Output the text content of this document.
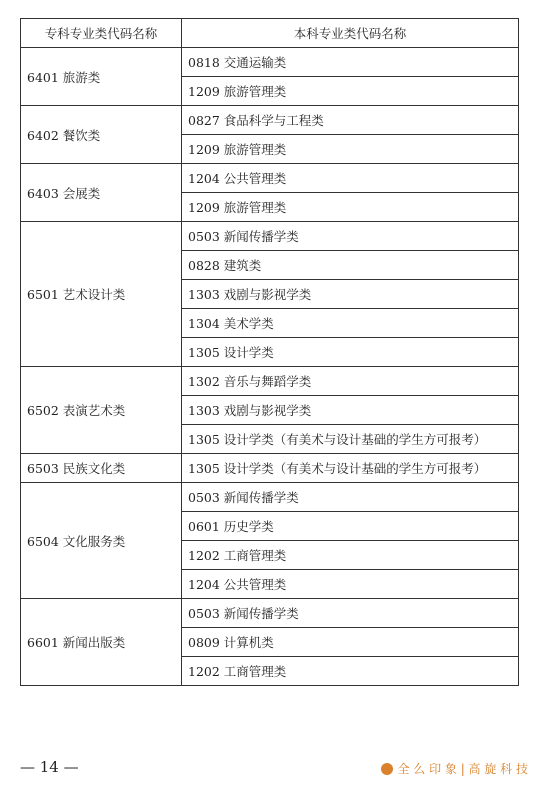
专科专业类代码名称	本科专业类代码名称
6401 旅游类	0818 交通运输类
	1209 旅游管理类
6402 餐饮类	0827 食品科学与工程类
	1209 旅游管理类
6403 会展类	1204 公共管理类
	1209 旅游管理类
6501 艺术设计类	0503 新闻传播学类
	0828 建筑类
	1303 戏剧与影视学类
	1304 美术学类
	1305 设计学类
6502 表演艺术类	1302 音乐与舞蹈学类
	1303 戏剧与影视学类
	1305 设计学类（有美术与设计基础的学生方可报考）
6503 民族文化类	1305 设计学类（有美术与设计基础的学生方可报考）
6504 文化服务类	0503 新闻传播学类
	0601 历史学类
	1202 工商管理类
	1204 公共管理类
6601 新闻出版类	0503 新闻传播学类
	0809 计算机类
	1202 工商管理类
— 14 —	全 么 印 象 | 高 旋 科 技
